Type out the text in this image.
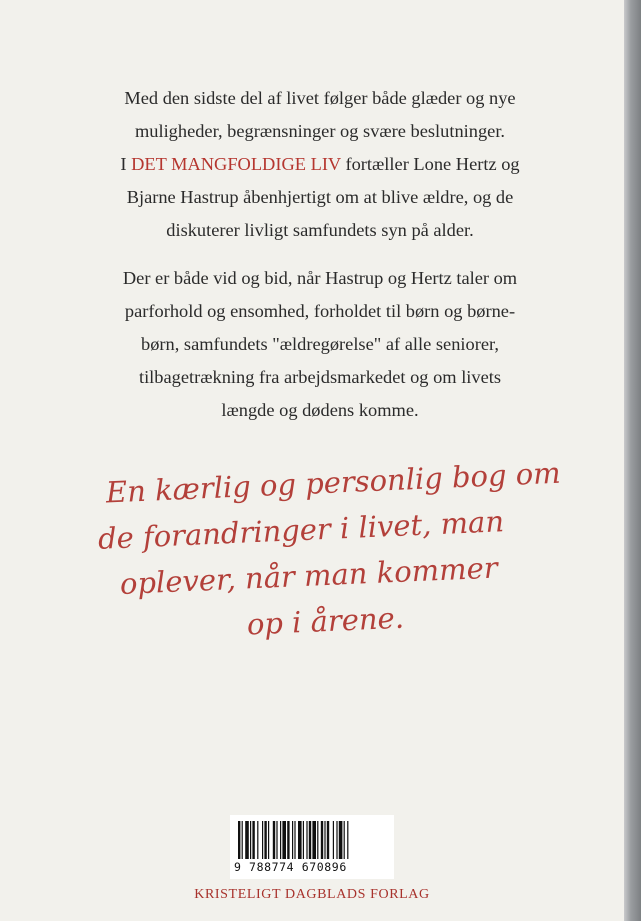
Med den sidste del af livet følger både glæder og nye

muligheder, begrænsninger og svære beslutninger.

I DET MANGFOLDIGE LIV fortæller Lone Hertz og

Bjarne Hastrup åbenhjertigt om at blive ældre, og de

diskuterer livligt samfundets syn på alder.

Der er både vid og bid, når Hastrup og Hertz taler om

parforhold og ensomhed, forholdet til børn og børne-

børn, samfundets "ældregørelse" af alle seniorer,

tilbagetrækning fra arbejdsmarkedet og om livets

længde og dødens komme.

En kærlig og personlig bog om
de forandringer i livet, man
oplever, når man kommer
op i årene.
9 788774 670896
KRISTELIGT DAGBLADS FORLAG
